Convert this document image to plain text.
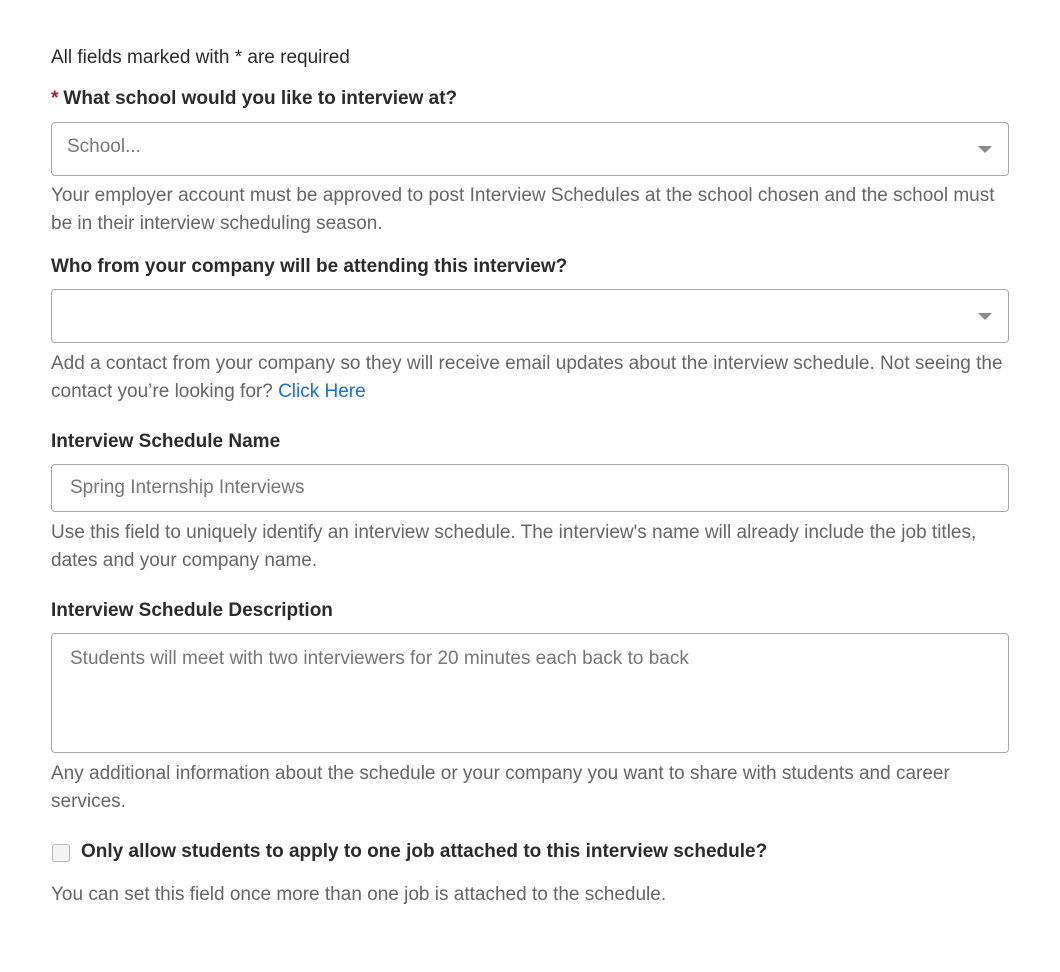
All fields marked with * are required
* What school would you like to interview at?
School...
Your employer account must be approved to post Interview Schedules at the school chosen and the school must be in their interview scheduling season.
Who from your company will be attending this interview?
Add a contact from your company so they will receive email updates about the interview schedule. Not seeing the contact you’re looking for? Click Here
Interview Schedule Name
Spring Internship Interviews
Use this field to uniquely identify an interview schedule. The interview's name will already include the job titles, dates and your company name.
Interview Schedule Description
Students will meet with two interviewers for 20 minutes each back to back
Any additional information about the schedule or your company you want to share with students and career services.
Only allow students to apply to one job attached to this interview schedule?
You can set this field once more than one job is attached to the schedule.
